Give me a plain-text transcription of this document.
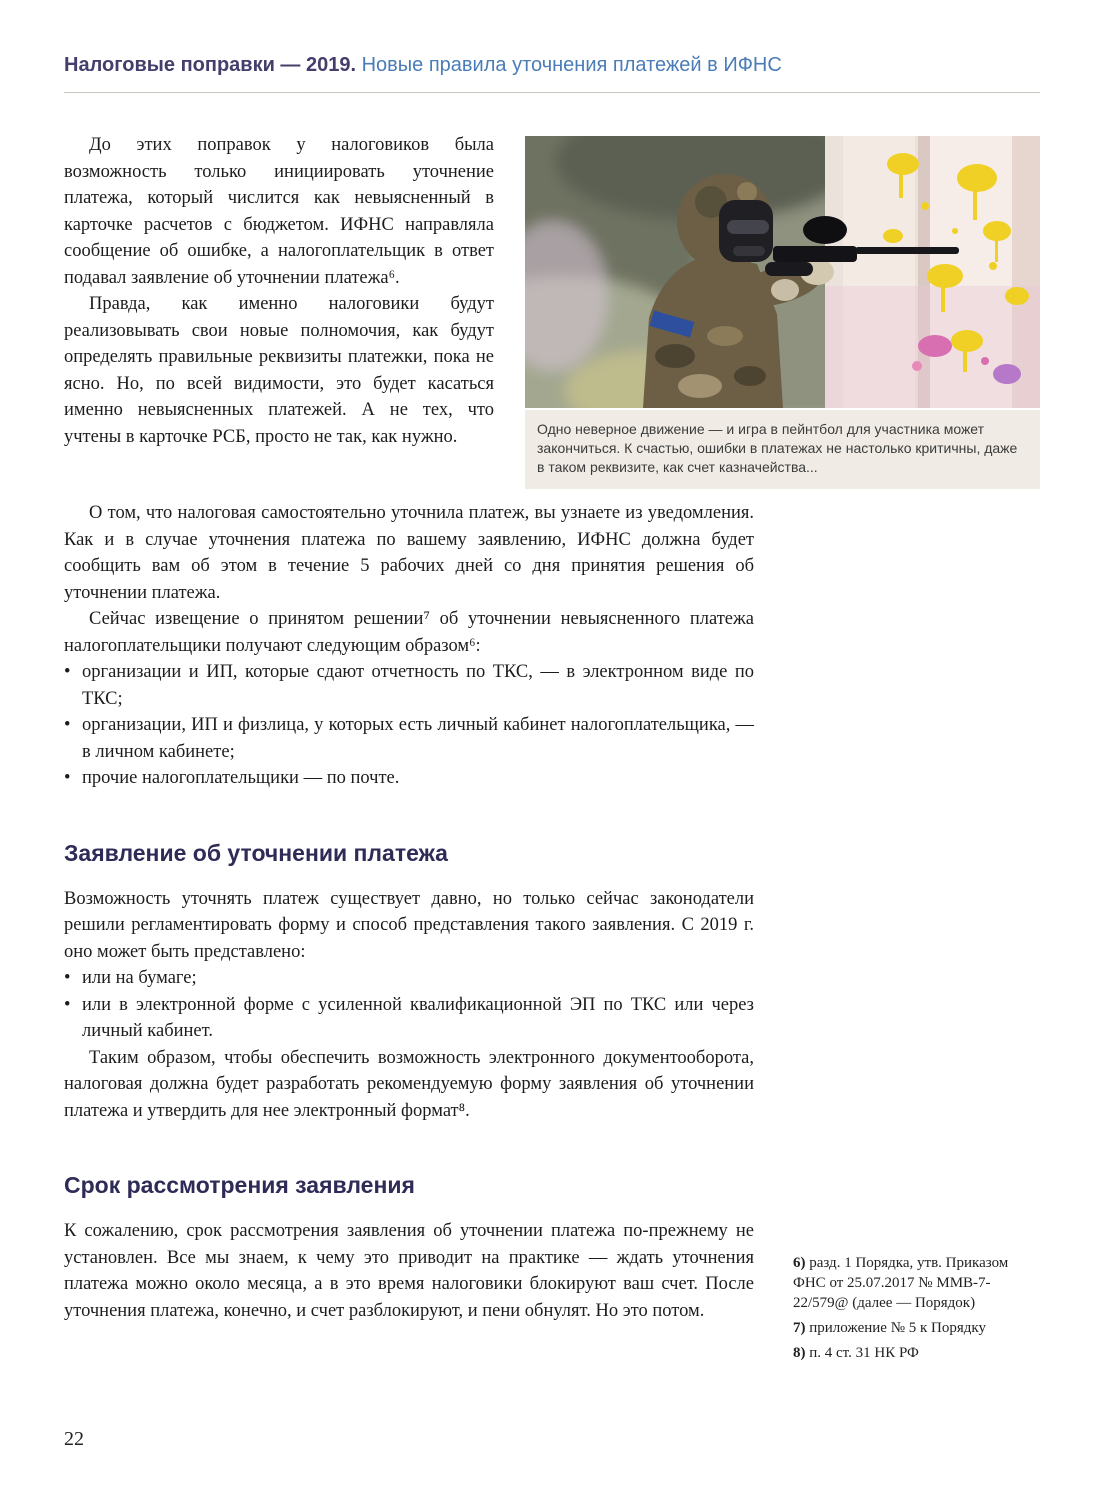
Налоговые поправки — 2019. Новые правила уточнения платежей в ИФНС
Одно неверное движение — и игра в пейнтбол для участника может закончиться. К счастью, ошибки в платежах не настолько критичны, даже в таком реквизите, как счет казначейства...

До этих поправок у налоговиков была возможность только инициировать уточнение платежа, который числится как невыясненный в карточке расчетов с бюджетом. ИФНС направляла сообщение об ошибке, а налогоплательщик в ответ подавал заявление об уточнении платежа⁶.

Правда, как именно налоговики будут реализовывать свои новые полномочия, как будут определять правильные реквизиты платежки, пока не ясно. Но, по всей видимости, это будет касаться именно невыясненных платежей. А не тех, что учтены в карточке РСБ, просто не так, как нужно.

О том, что налоговая самостоятельно уточнила платеж, вы узнаете из уведомления. Как и в случае уточнения платежа по вашему заявлению, ИФНС должна будет сообщить вам об этом в течение 5 рабочих дней со дня принятия решения об уточнении платежа.

Сейчас извещение о принятом решении⁷ об уточнении невыясненного платежа налогоплательщики получают следующим образом⁶:

• организации и ИП, которые сдают отчетность по ТКС, — в электронном виде по ТКС;
• организации, ИП и физлица, у которых есть личный кабинет налогоплательщика, — в личном кабинете;
• прочие налогоплательщики — по почте.
Заявление об уточнении платежа

Возможность уточнять платеж существует давно, но только сейчас законодатели решили регламентировать форму и способ представления такого заявления. С 2019 г. оно может быть представлено:

• или на бумаге;
• или в электронной форме с усиленной квалификационной ЭП по ТКС или через личный кабинет.

Таким образом, чтобы обеспечить возможность электронного документооборота, налоговая должна будет разработать рекомендуемую форму заявления об уточнении платежа и утвердить для нее электронный формат⁸.

Срок рассмотрения заявления

К сожалению, срок рассмотрения заявления об уточнении платежа по-прежнему не установлен. Все мы знаем, к чему это приводит на практике — ждать уточнения платежа можно около месяца, а в это время налоговики блокируют ваш счет. После уточнения платежа, конечно, и счет разблокируют, и пени обнулят. Но это потом.

6) разд. 1 Порядка, утв. Приказом ФНС от 25.07.2017 № ММВ-7-22/579@ (далее — Порядок)
7) приложение № 5 к Порядку
8) п. 4 ст. 31 НК РФ
22
